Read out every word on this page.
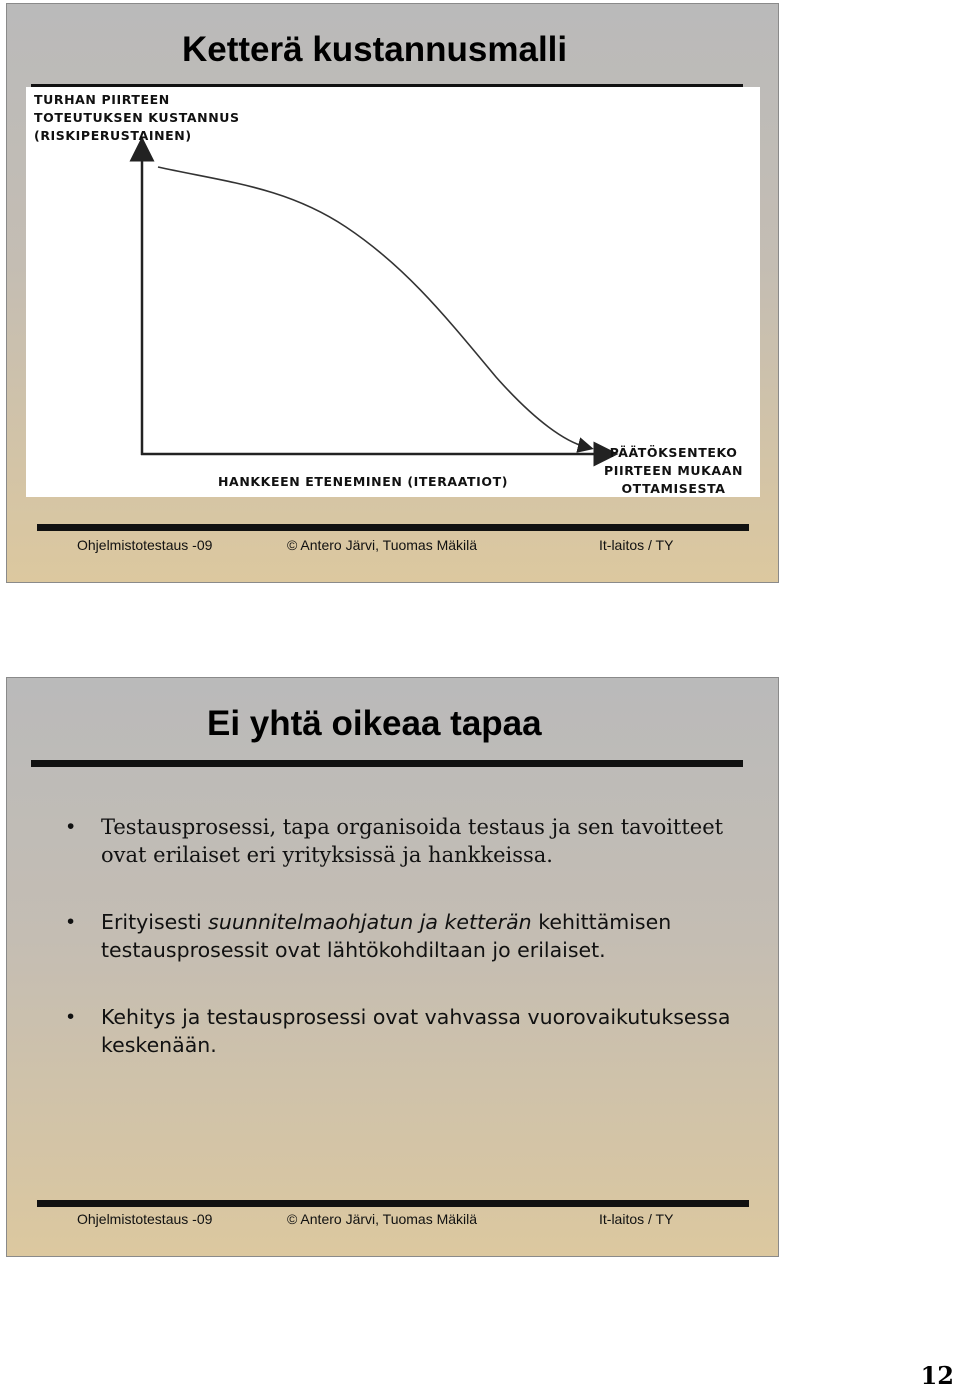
Ketterä kustannusmalli
TURHAN PIIRTEEN
TOTEUTUKSEN KUSTANNUS
(RISKIPERUSTAINEN)
HANKKEEN ETENEMINEN (ITERAATIOT)
PÄÄTÖKSENTEKO
PIIRTEEN MUKAAN
OTTAMISESTA
Ohjelmistotestaus -09	© Antero Järvi, Tuomas Mäkilä	It-laitos / TY
Ei yhtä oikeaa tapaa
• Testausprosessi, tapa organisoida testaus ja sen tavoitteet ovat erilaiset eri yrityksissä ja hankkeissa.
• Erityisesti suunnitelmaohjatun ja ketterän kehittämisen testausprosessit ovat lähtökohdiltaan jo erilaiset.
• Kehitys ja testausprosessi ovat vahvassa vuorovaikutuksessa keskenään.
Ohjelmistotestaus -09	© Antero Järvi, Tuomas Mäkilä	It-laitos / TY
12
